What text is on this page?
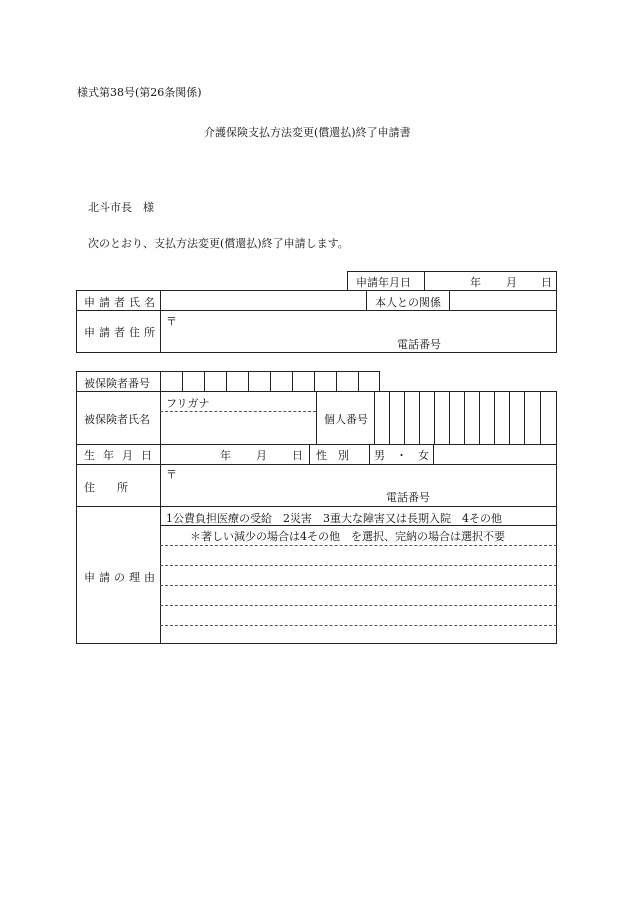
様式第38号(第26条関係)
介護保険支払方法変更(償還払)終了申請書
北斗市長　様
次のとおり、支払方法変更(償還払)終了申請します。
申請年月日	年 月 日
申請者氏名	本人との関係
申請者住所
〒
電話番号
被保険者番号
被保険者氏名
フリガナ
個人番号
生年月日	年 月 日 性　別 男　・　女
住　　所
〒
電話番号
申請の理由
1公費負担医療の受給　2災害　3重大な障害又は長期入院　4その他
＊著しい減少の場合は4その他　を選択、完納の場合は選択不要
